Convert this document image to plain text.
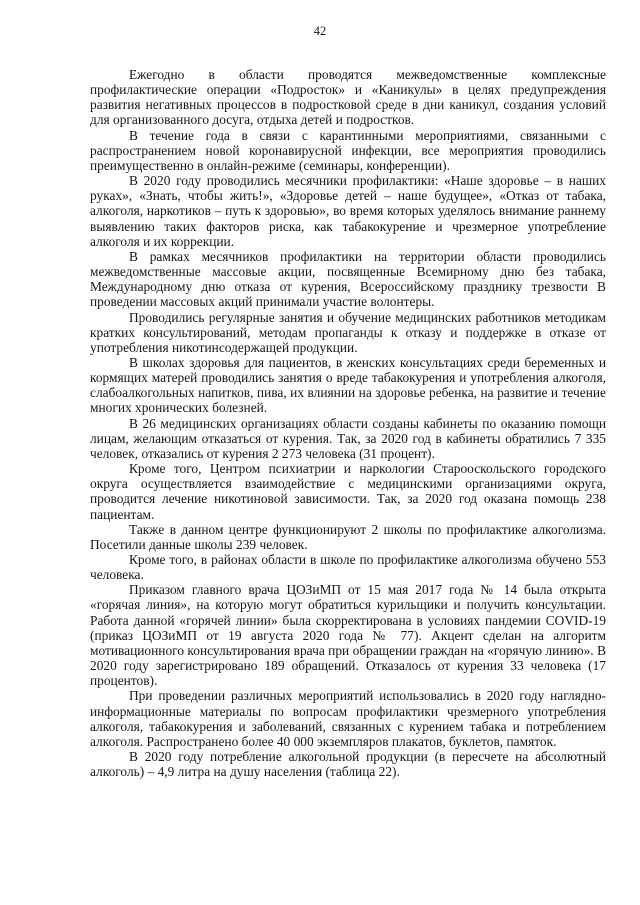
42

Ежегодно в области проводятся межведомственные комплексные профилактические операции «Подросток» и «Каникулы» в целях предупреждения развития негативных процессов в подростковой среде в дни каникул, создания условий для организованного досуга, отдыха детей и подростков.

В течение года в связи с карантинными мероприятиями, связанными с распространением новой коронавирусной инфекции, все мероприятия проводились преимущественно в онлайн-режиме (семинары, конференции).

В 2020 году проводились месячники профилактики: «Наше здоровье – в наших руках», «Знать, чтобы жить!», «Здоровье детей – наше будущее», «Отказ от табака, алкоголя, наркотиков – путь к здоровью», во время которых уделялось внимание раннему выявлению таких факторов риска, как табакокурение и чрезмерное употребление алкоголя и их коррекции.

В рамках месячников профилактики на территории области проводились межведомственные массовые акции, посвященные Всемирному дню без табака, Международному дню отказа от курения, Всероссийскому празднику трезвости В проведении массовых акций принимали участие волонтеры.

Проводились регулярные занятия и обучение медицинских работников методикам кратких консультирований, методам пропаганды к отказу и поддержке в отказе от употребления никотинсодержащей продукции.

В школах здоровья для пациентов, в женских консультациях среди беременных и кормящих матерей проводились занятия о вреде табакокурения и употребления алкоголя, слабоалкогольных напитков, пива, их влиянии на здоровье ребенка, на развитие и течение многих хронических болезней.

В 26 медицинских организациях области созданы кабинеты по оказанию помощи лицам, желающим отказаться от курения. Так, за 2020 год в кабинеты обратились 7 335 человек, отказались от курения 2 273 человека (31 процент).

Кроме того, Центром психиатрии и наркологии Старооскольского городского округа осуществляется взаимодействие с медицинскими организациями округа, проводится лечение никотиновой зависимости. Так, за 2020 год оказана помощь 238 пациентам.

Также в данном центре функционируют 2 школы по профилактике алкоголизма. Посетили данные школы 239 человек.

Кроме того, в районах области в школе по профилактике алкоголизма обучено 553 человека.

Приказом главного врача ЦОЗиМП от 15 мая 2017 года № 14 была открыта «горячая линия», на которую могут обратиться курильщики и получить консультации. Работа данной «горячей линии» была скорректирована в условиях пандемии COVID-19 (приказ ЦОЗиМП от 19 августа 2020 года № 77). Акцент сделан на алгоритм мотивационного консультирования врача при обращении граждан на «горячую линию». В 2020 году зарегистрировано 189 обращений. Отказалось от курения 33 человека (17 процентов).

При проведении различных мероприятий использовались в 2020 году наглядно-информационные материалы по вопросам профилактики чрезмерного употребления алкоголя, табакокурения и заболеваний, связанных с курением табака и потреблением алкоголя. Распространено более 40 000 экземпляров плакатов, буклетов, памяток.

В 2020 году потребление алкогольной продукции (в пересчете на абсолютный алкоголь) – 4,9 литра на душу населения (таблица 22).
